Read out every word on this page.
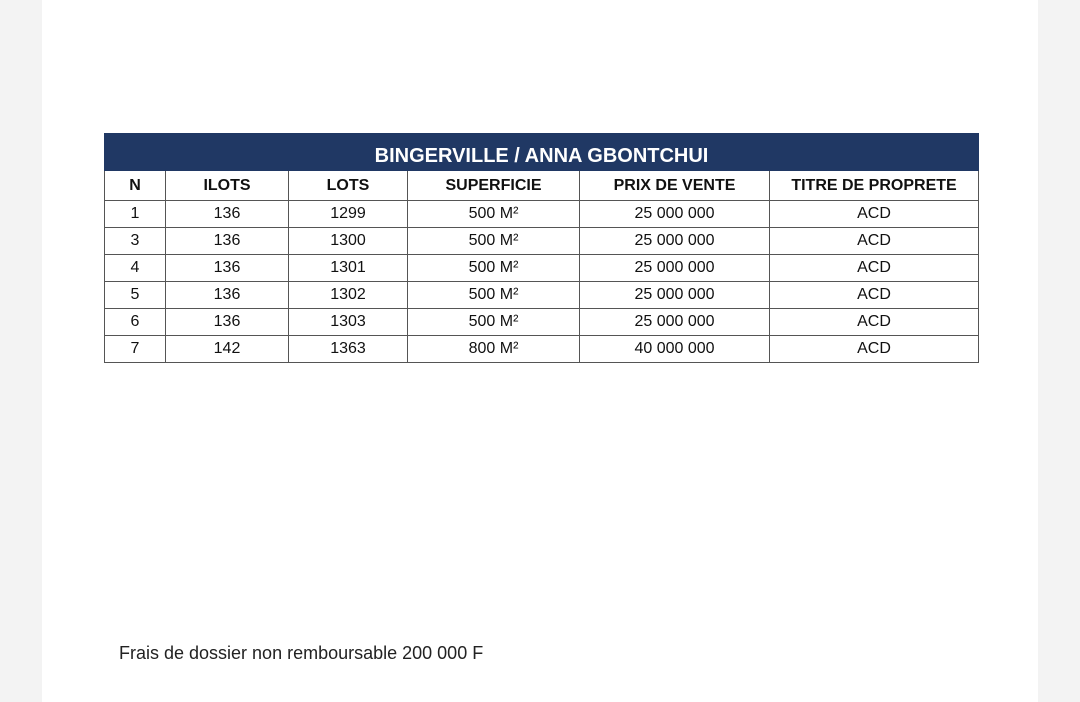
BINGERVILLE / ANNA GBONTCHUI					
N	ILOTS	LOTS	SUPERFICIE	PRIX DE VENTE	TITRE DE PROPRETE
1	136	1299	500 M²	25 000 000	ACD
3	136	1300	500 M²	25 000 000	ACD
4	136	1301	500 M²	25 000 000	ACD
5	136	1302	500 M²	25 000 000	ACD
6	136	1303	500 M²	25 000 000	ACD
7	142	1363	800 M²	40 000 000	ACD
Frais de dossier non remboursable 200 000 F
